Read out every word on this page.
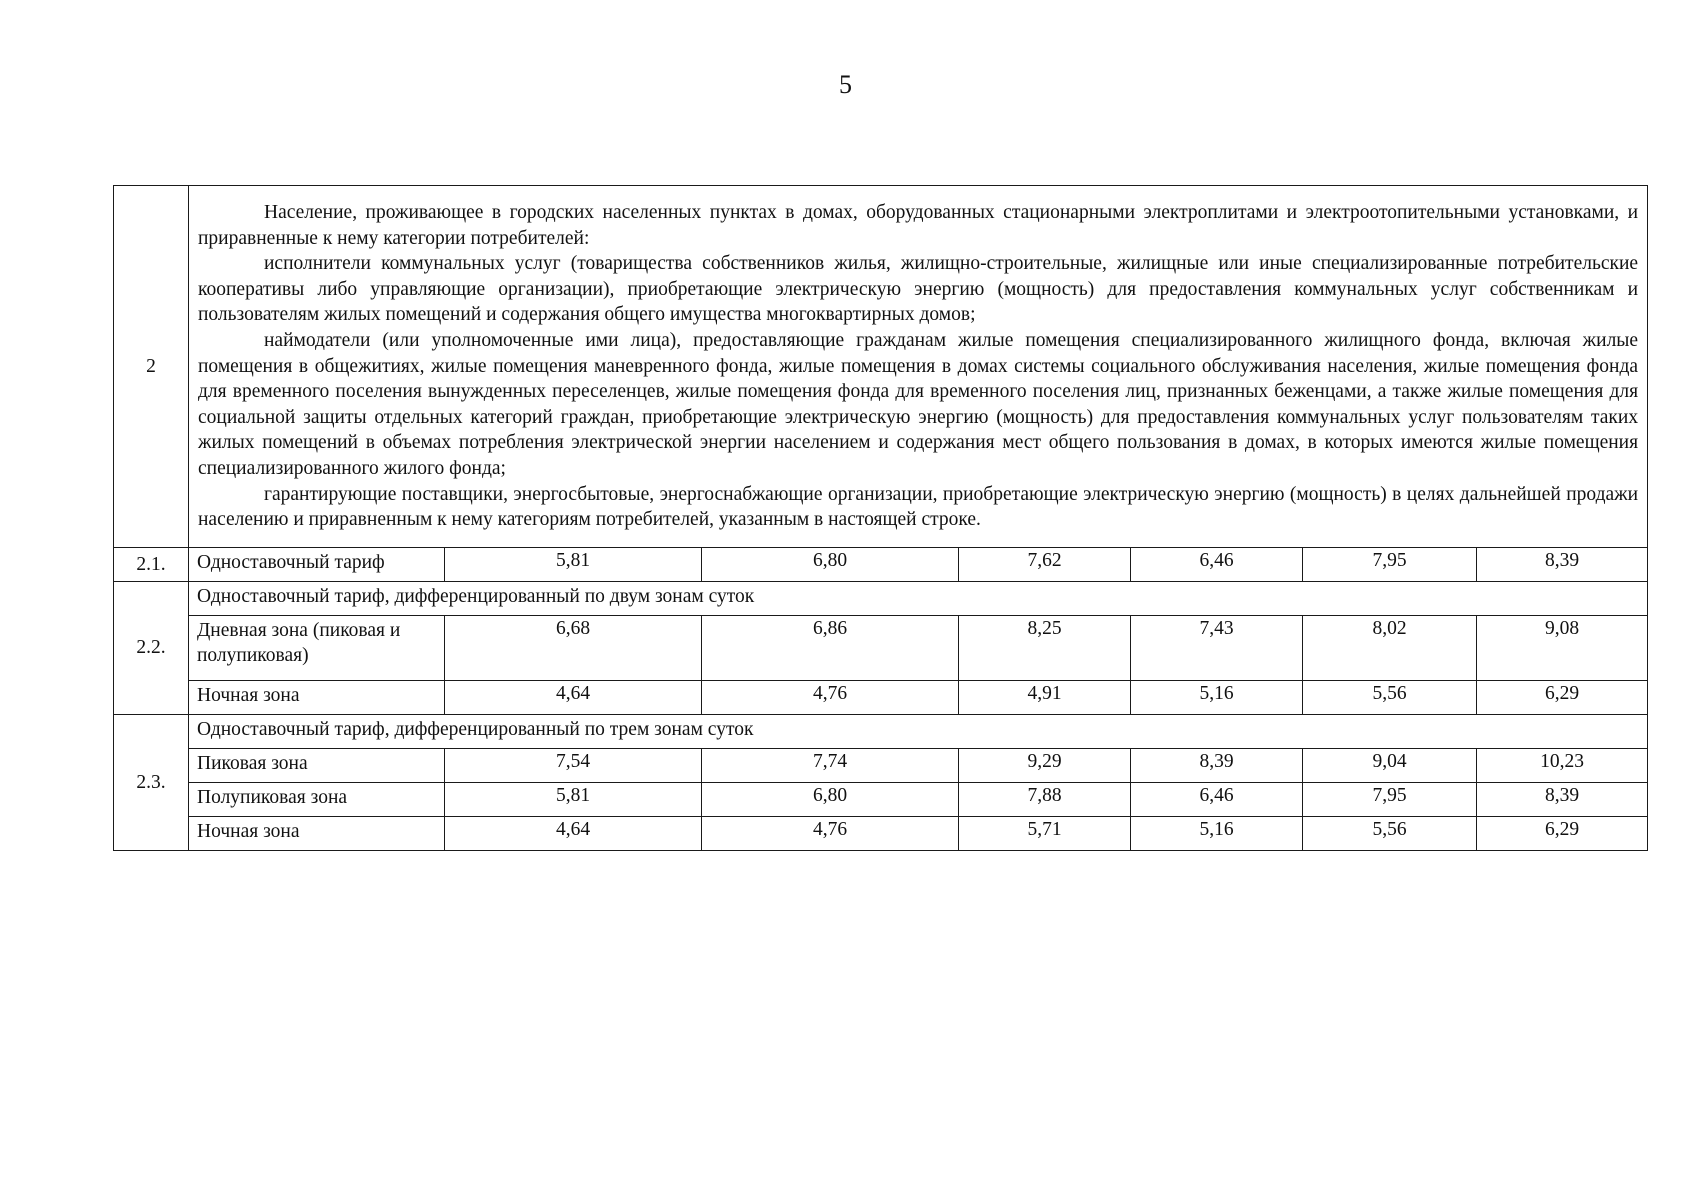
5
2	Население, проживающее в городских населенных пунктах в домах, оборудованных стационарными электроплитами и электроотопительными установками, и приравненные к нему категории потребителей:

исполнители коммунальных услуг (товарищества собственников жилья, жилищно-строительные, жилищные или иные специализированные потребительские кооперативы либо управляющие организации), приобретающие электрическую энергию (мощность) для предоставления коммунальных услуг собственникам и пользователям жилых помещений и содержания общего имущества многоквартирных домов;

наймодатели (или уполномоченные ими лица), предоставляющие гражданам жилые помещения специализированного жилищного фонда, включая жилые помещения в общежитиях, жилые помещения маневренного фонда, жилые помещения в домах системы социального обслуживания населения, жилые помещения фонда для временного поселения вынужденных переселенцев, жилые помещения фонда для временного поселения лиц, признанных беженцами, а также жилые помещения для социальной защиты отдельных категорий граждан, приобретающие электрическую энергию (мощность) для предоставления коммунальных услуг пользователям таких жилых помещений в объемах потребления электрической энергии населением и содержания мест общего пользования в домах, в которых имеются жилые помещения специализированного жилого фонда;

гарантирующие поставщики, энергосбытовые, энергоснабжающие организации, приобретающие электрическую энергию (мощность) в целях дальнейшей продажи населению и приравненным к нему категориям потребителей, указанным в настоящей строке.						

2.1.	Одноставочный тариф	5,81	6,80	7,62	6,46	7,95	8,39
2.2.	Одноставочный тариф, дифференцированный по двум зонам суток						
	Дневная зона (пиковая и полупиковая)	6,68	6,86	8,25	7,43	8,02	9,08
	Ночная зона	4,64	4,76	4,91	5,16	5,56	6,29
2.3.	Одноставочный тариф, дифференцированный по трем зонам суток						
	Пиковая зона	7,54	7,74	9,29	8,39	9,04	10,23
	Полупиковая зона	5,81	6,80	7,88	6,46	7,95	8,39
	Ночная зона	4,64	4,76	5,71	5,16	5,56	6,29
